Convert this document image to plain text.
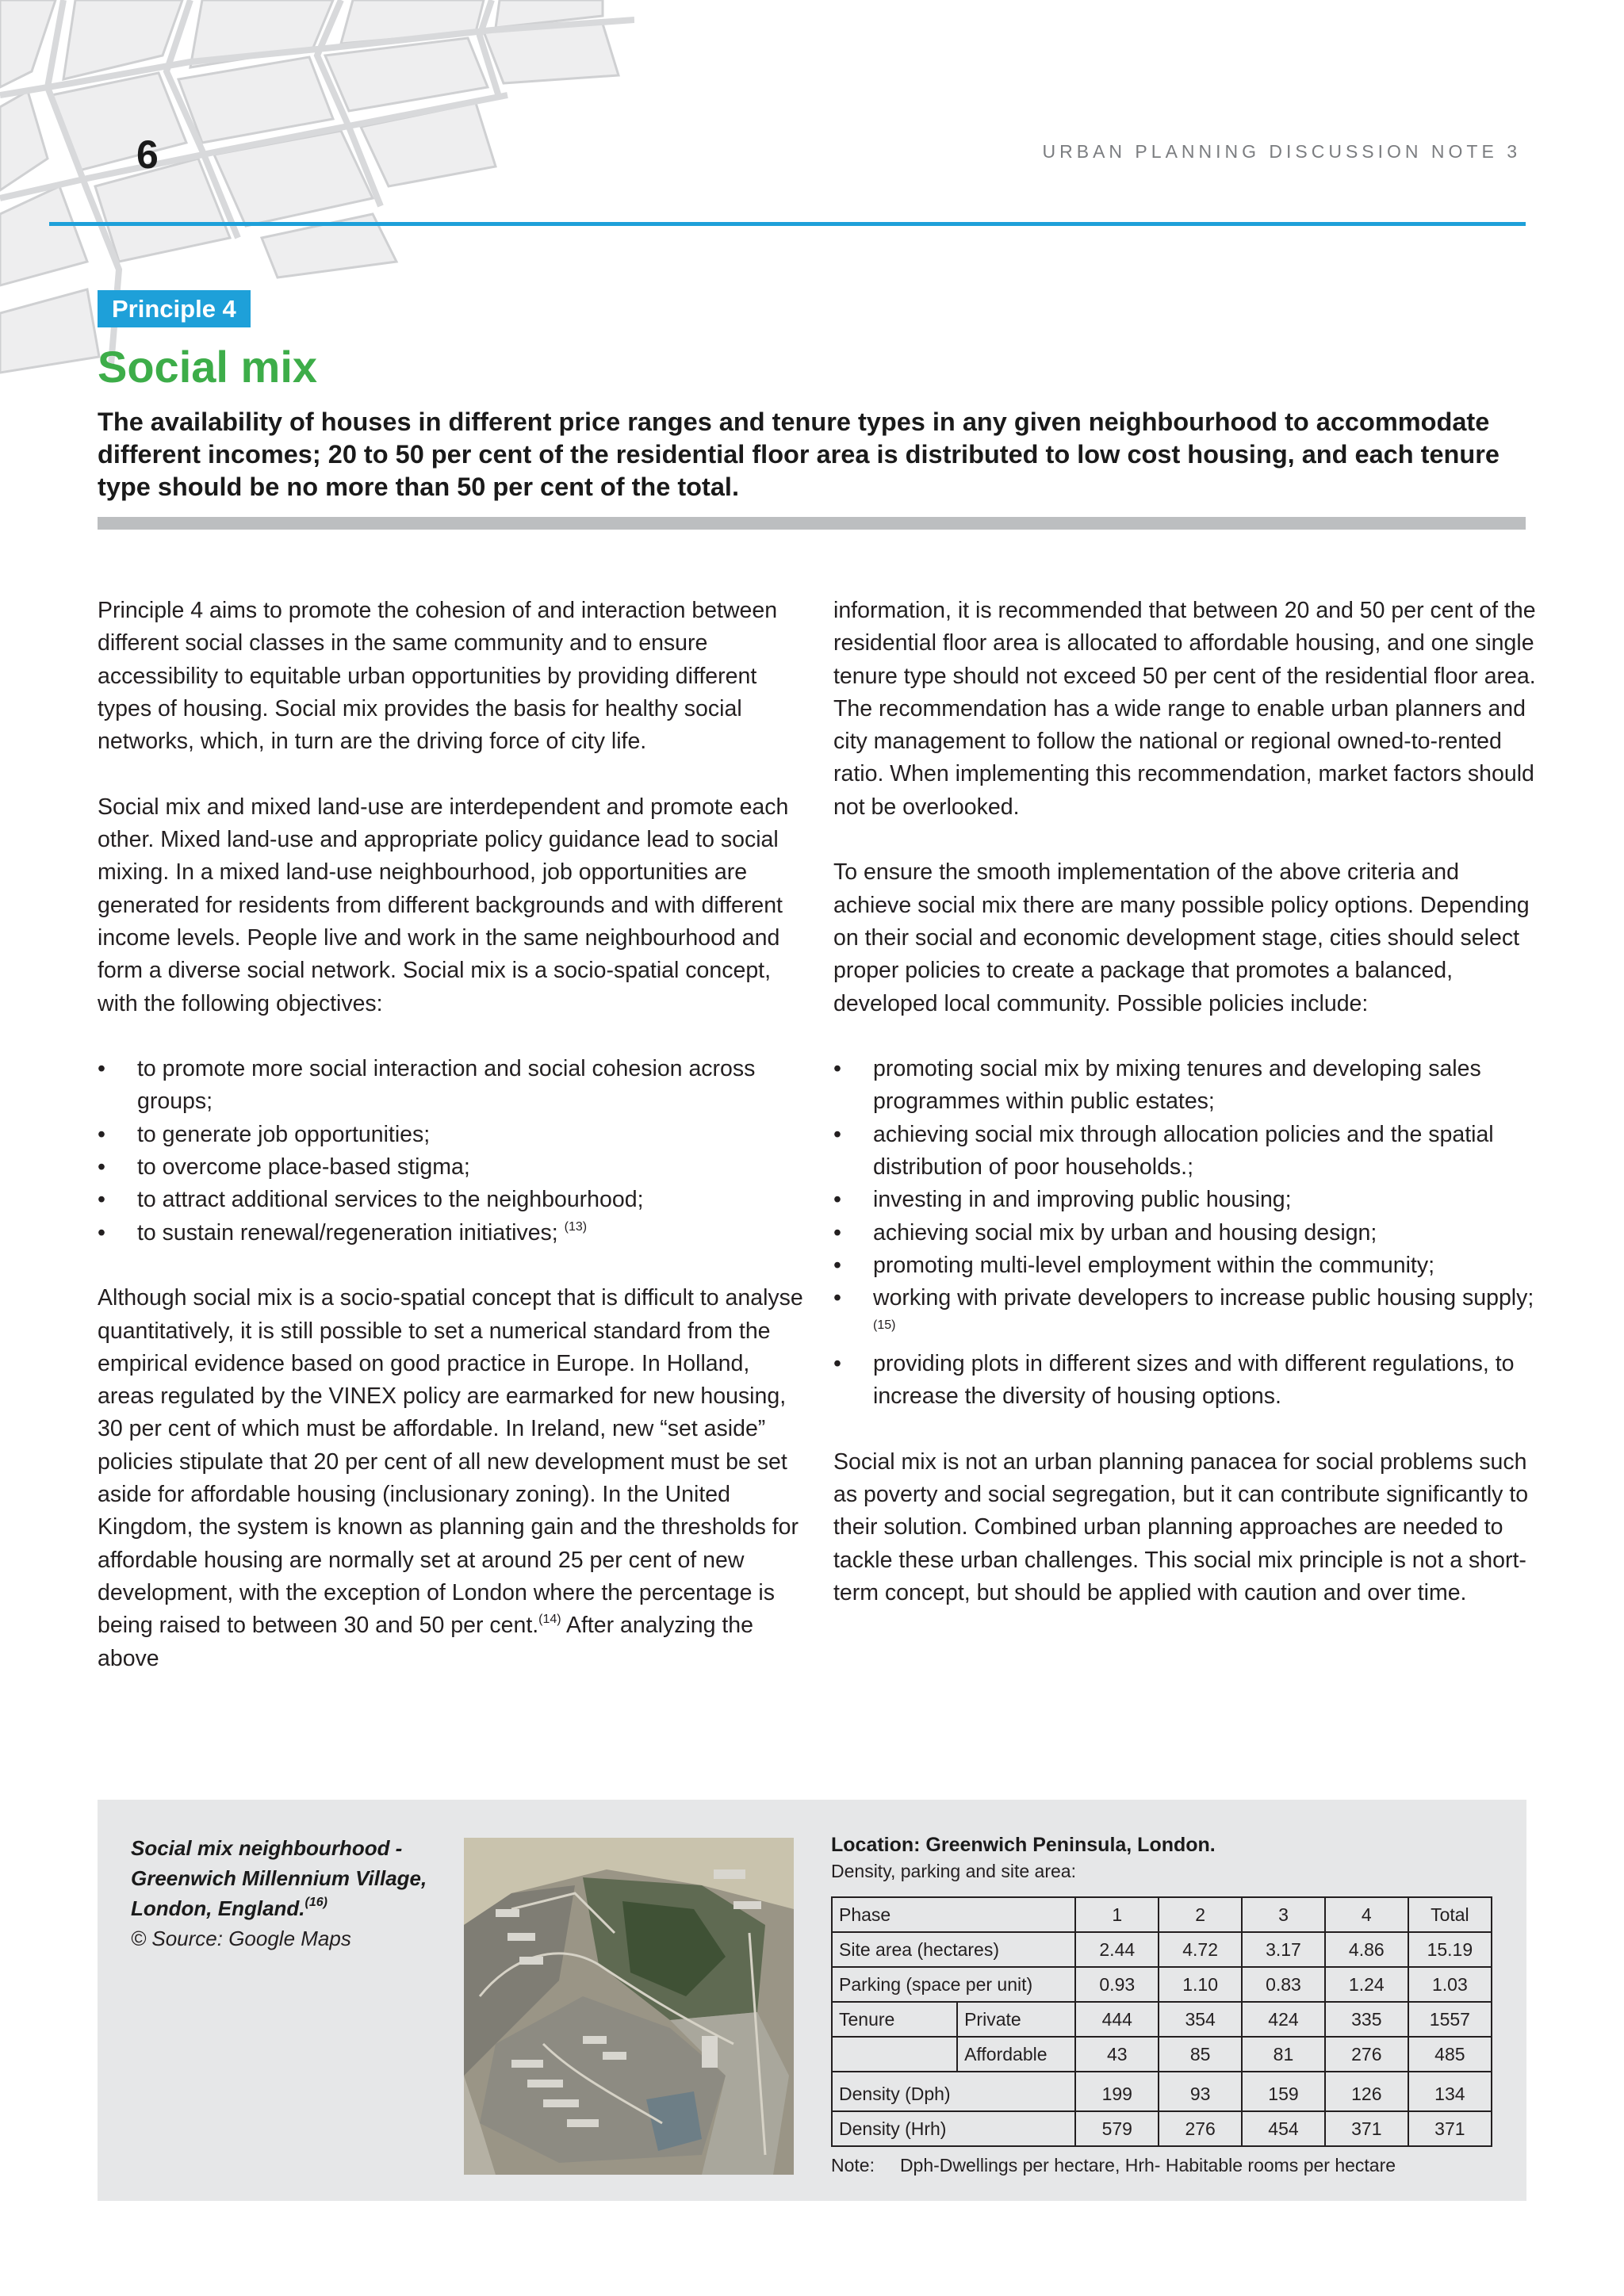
6	URBAN PLANNING DISCUSSION NOTE 3
Principle 4
Social mix

The availability of houses in different price ranges and tenure types in any given neighbourhood to accommodate different incomes; 20 to 50 per cent of the residential floor area is distributed to low cost housing, and each tenure type should be no more than 50 per cent of the total.

Principle 4 aims to promote the cohesion of and interaction between different social classes in the same community and to ensure accessibility to equitable urban opportunities by providing different types of housing. Social mix provides the basis for healthy social networks, which, in turn are the driving force of city life.

Social mix and mixed land-use are interdependent and promote each other. Mixed land-use and appropriate policy guidance lead to social mixing. In a mixed land-use neighbourhood, job opportunities are generated for residents from different backgrounds and with different income levels. People live and work in the same neighbourhood and form a diverse social network. Social mix is a socio-spatial concept, with the following objectives:

• to promote more social interaction and social cohesion across groups;
• to generate job opportunities;
• to overcome place-based stigma;
• to attract additional services to the neighbourhood;
• to sustain renewal/regeneration initiatives; $^{(13)}$

Although social mix is a socio-spatial concept that is difficult to analyse quantitatively, it is still possible to set a numerical standard from the empirical evidence based on good practice in Europe. In Holland, areas regulated by the VINEX policy are earmarked for new housing, 30 per cent of which must be affordable. In Ireland, new “set aside” policies stipulate that 20 per cent of all new development must be set aside for affordable housing (inclusionary zoning). In the United Kingdom, the system is known as planning gain and the thresholds for affordable housing are normally set at around 25 per cent of new development, with the exception of London where the percentage is being raised to between 30 and 50 per cent.$^{(14)}$ After analyzing the above

information, it is recommended that between 20 and 50 per cent of the residential floor area is allocated to affordable housing, and one single tenure type should not exceed 50 per cent of the residential floor area. The recommendation has a wide range to enable urban planners and city management to follow the national or regional owned-to-rented ratio. When implementing this recommendation, market factors should not be overlooked.

To ensure the smooth implementation of the above criteria and achieve social mix there are many possible policy options. Depending on their social and economic development stage, cities should select proper policies to create a package that promotes a balanced, developed local community. Possible policies include:

• promoting social mix by mixing tenures and developing sales programmes within public estates;
• achieving social mix through allocation policies and the spatial distribution of poor households.;
• investing in and improving public housing;
• achieving social mix by urban and housing design;
• promoting multi-level employment within the community;
• working with private developers to increase public housing supply;$^{(15)}$
• providing plots in different sizes and with different regulations, to increase the diversity of housing options.

Social mix is not an urban planning panacea for social problems such as poverty and social segregation, but it can contribute significantly to their solution. Combined urban planning approaches are needed to tackle these urban challenges. This social mix principle is not a short-term concept, but should be applied with caution and over time.

Social mix neighbourhood - Greenwich Millennium Village, London, England.$^{(16)}$
© Source: Google Maps
Location: Greenwich Peninsula, London.
Density, parking and site area:
Phase		1	2	3	4	Total
Site area (hectares)		2.44	4.72	3.17	4.86	15.19
Parking (space per unit)		0.93	1.10	0.83	1.24	1.03
Tenure	Private	444	354	424	335	1557
	Affordable	43	85	81	276	485
Density (Dph)		199	93	159	126	134
Density (Hrh)		579	276	454	371	371
Note: Dph-Dwellings per hectare, Hrh- Habitable rooms per hectare
